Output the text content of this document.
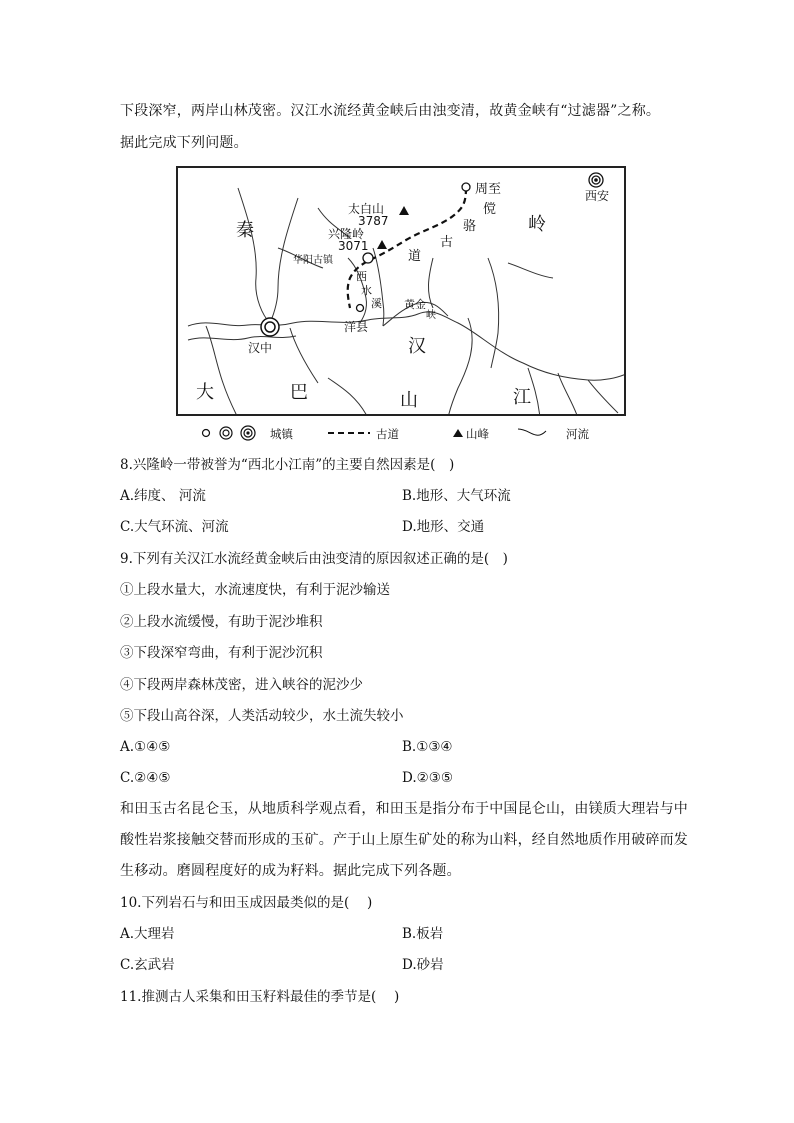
下段深窄，两岸山林茂密。汉江水流经黄金峡后由浊变清，故黄金峡有“过滤器”之称。
据此完成下列问题。
秦	岭
太白山
3787
兴隆岭
3071
周至	西安
傥
骆
古
道
华阳古镇
西
水
溪 黄金
峡
洋县
汉中	汉
大	巴	山	江
城镇	古道	山峰	河流
8.兴隆岭一带被誉为“西北小江南”的主要自然因素是(　)
A.纬度、 河流	B.地形、大气环流
C.大气环流、河流	D.地形、交通
9.下列有关汉江水流经黄金峡后由浊变清的原因叙述正确的是(　)
①上段水量大，水流速度快，有利于泥沙输送
②上段水流缓慢，有助于泥沙堆积
③下段深窄弯曲，有利于泥沙沉积
④下段两岸森林茂密，进入峡谷的泥沙少
⑤下段山高谷深，人类活动较少，水土流失较小
A.①④⑤	B.①③④
C.②④⑤	D.②③⑤
和田玉古名昆仑玉，从地质科学观点看，和田玉是指分布于中国昆仑山，由镁质大理岩与中
酸性岩浆接触交替而形成的玉矿。产于山上原生矿处的称为山料，经自然地质作用破碎而发
生移动。磨圆程度好的成为籽料。据此完成下列各题。
10.下列岩石与和田玉成因最类似的是(　 )
A.大理岩	B.板岩
C.玄武岩	D.砂岩
11.推测古人采集和田玉籽料最佳的季节是(　 )
